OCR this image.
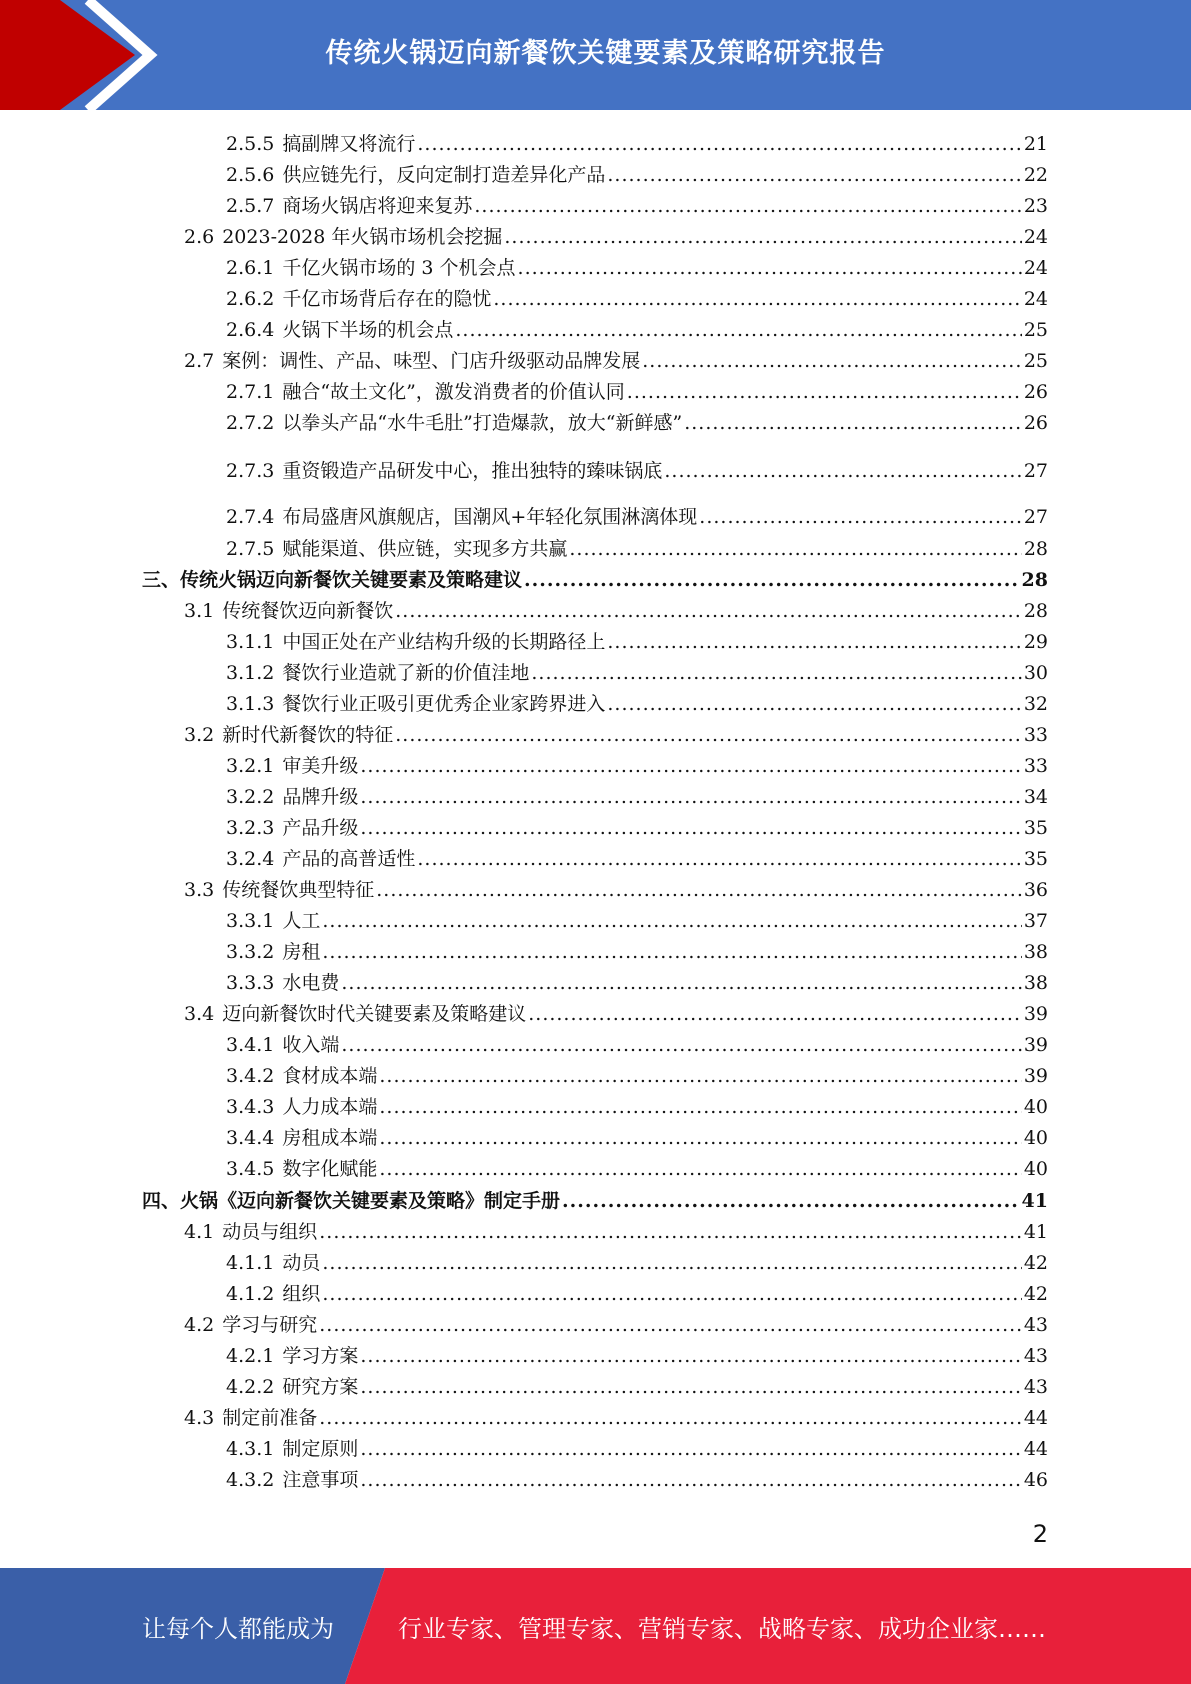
传统火锅迈向新餐饮关键要素及策略研究报告
2.5.5 搞副牌又将流行 .....	21
2.5.6 供应链先行，反向定制打造差异化产品 .....	22
2.5.7 商场火锅店将迎来复苏 .....	23
2.6 2023-2028 年火锅市场机会挖掘 .....	24
2.6.1 千亿火锅市场的 3 个机会点 .....	24
2.6.2 千亿市场背后存在的隐忧 .....	24
2.6.4 火锅下半场的机会点 .....	25
2.7 案例：调性、产品、味型、门店升级驱动品牌发展 .....	25
2.7.1 融合“故土文化”，激发消费者的价值认同 .....	26
2.7.2 以拳头产品“水牛毛肚”打造爆款，放大“新鲜感” .....	26
2.7.3 重资锻造产品研发中心，推出独特的臻味锅底 .....	27
2.7.4 布局盛唐风旗舰店，国潮风+年轻化氛围淋漓体现 .....	27
2.7.5 赋能渠道、供应链，实现多方共赢 .....	28
三、 传统火锅迈向新餐饮关键要素及策略建议 .....	28
3.1 传统餐饮迈向新餐饮 .....	28
3.1.1 中国正处在产业结构升级的长期路径上 .....	29
3.1.2 餐饮行业造就了新的价值洼地 .....	30
3.1.3 餐饮行业正吸引更优秀企业家跨界进入 .....	32
3.2 新时代新餐饮的特征 .....	33
3.2.1 审美升级 .....	33
3.2.2 品牌升级 .....	34
3.2.3 产品升级 .....	35
3.2.4 产品的高普适性 .....	35
3.3 传统餐饮典型特征 .....	36
3.3.1 人工 .....	37
3.3.2 房租 .....	38
3.3.3 水电费 .....	38
3.4 迈向新餐饮时代关键要素及策略建议 .....	39
3.4.1 收入端 .....	39
3.4.2 食材成本端 .....	39
3.4.3 人力成本端 .....	40
3.4.4 房租成本端 .....	40
3.4.5 数字化赋能 .....	40
四、 火锅《迈向新餐饮关键要素及策略》制定手册 .....	41
4.1 动员与组织 .....	41
4.1.1 动员 .....	42
4.1.2 组织 .....	42
4.2 学习与研究 .....	43
4.2.1 学习方案 .....	43
4.2.2 研究方案 .....	43
4.3 制定前准备 .....	44
4.3.1 制定原则 .....	44
4.3.2 注意事项 .....	46
2
让每个人都能成为	行业专家、管理专家、营销专家、战略专家、成功企业家……
